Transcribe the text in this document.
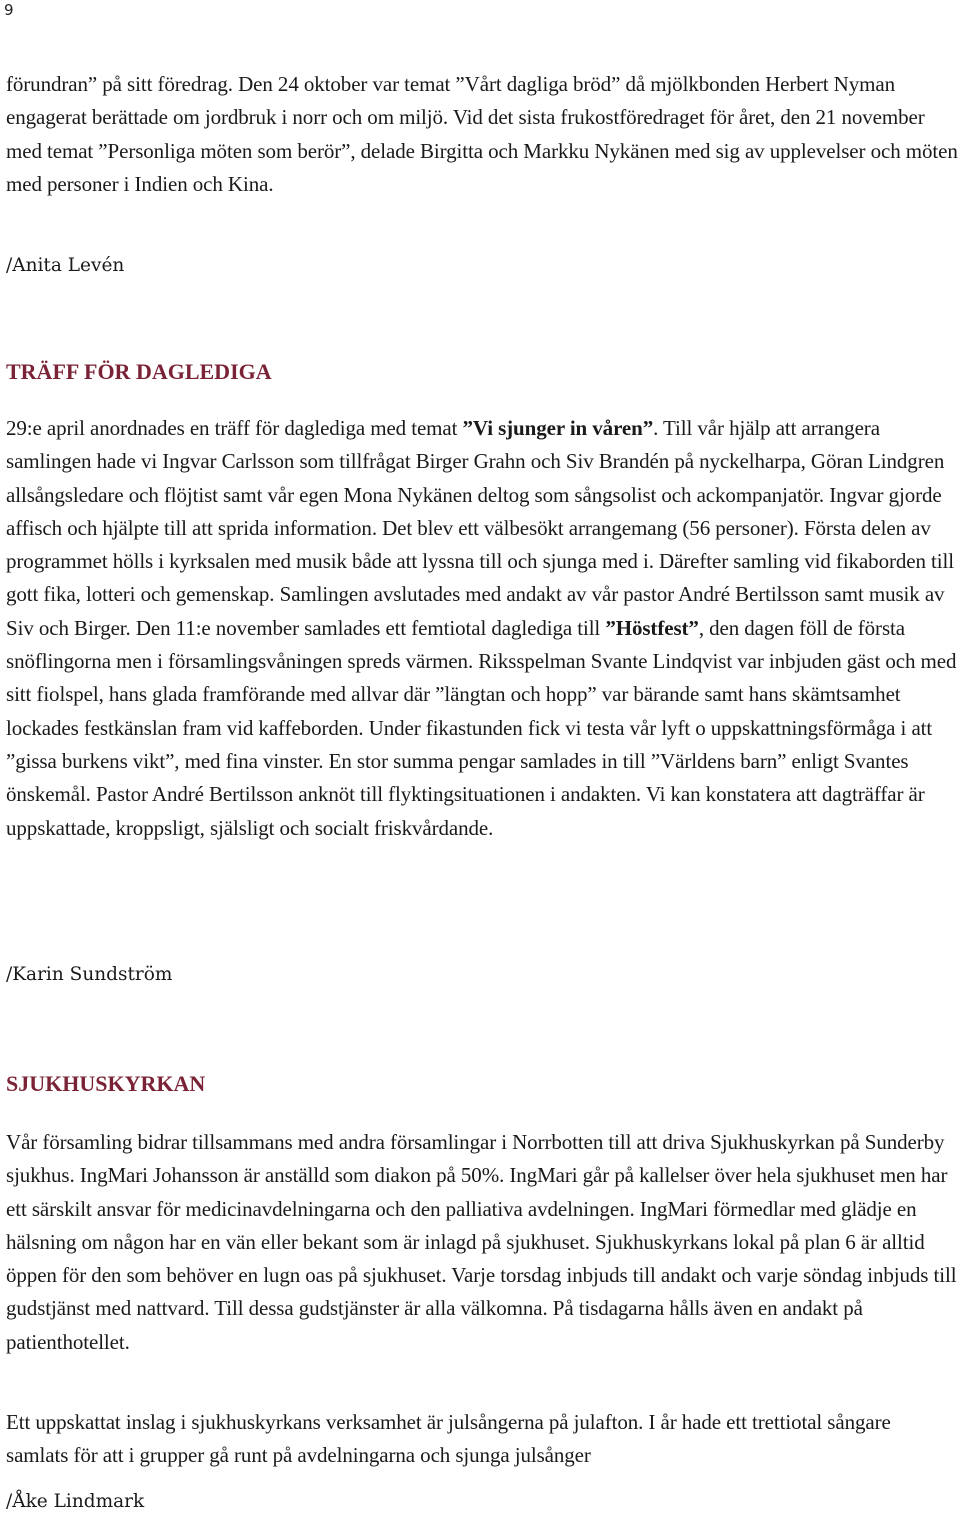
9

förundran” på sitt föredrag. Den 24 oktober var temat ”Vårt dagliga bröd” då mjölkbonden Herbert Nyman engagerat berättade om jordbruk i norr och om miljö. Vid det sista frukostföredraget för året, den 21 november med temat ”Personliga möten som berör”, delade Birgitta och Markku Nykänen med sig av upplevelser och möten med personer i Indien och Kina.

/Anita Levén
TRÄFF FÖR DAGLEDIGA

29:e april anordnades en träff för dagledigа med temat ”Vi sjunger in våren”. Till vår hjälp att arrangera samlingen hade vi Ingvar Carlsson som tillfrågat Birger Grahn och Siv Brandén på nyckelharpa, Göran Lindgren allsångsledare och flöjtist samt vår egen Mona Nykänen deltog som sångsolist och ackompanjatör. Ingvar gjorde affisch och hjälpte till att sprida information. Det blev ett välbesökt arrangemang (56 personer). Första delen av programmet hölls i kyrksalen med musik både att lyssna till och sjunga med i. Därefter samling vid fikaborden till gott fika, lotteri och gemenskap. Samlingen avslutades med andakt av vår pastor André Bertilsson samt musik av Siv och Birger. Den 11:e november samlades ett femtiotal dagledigа till ”Höstfest”, den dagen föll de första snöflingorna men i församlingsvåningen spreds värmen. Riksspelman Svante Lindqvist var inbjuden gäst och med sitt fiolspel, hans glada framförande med allvar där ”längtan och hopp” var bärande samt hans skämtsamhet lockades festkänslan fram vid kaffeborden. Under fikastunden fick vi testa vår lyft o uppskattningsförmåga i att ”gissa burkens vikt”, med fina vinster. En stor summa pengar samlades in till ”Världens barn” enligt Svantes önskemål. Pastor André Bertilsson anknöt till flyktingsituationen i andakten. Vi kan konstatera att dagträffar är uppskattade, kroppsligt, själsligt och socialt friskvårdande.

/Karin Sundström
SJUKHUSKYRKAN

Vår församling bidrar tillsammans med andra församlingar i Norrbotten till att driva Sjukhuskyrkan på Sunderby sjukhus. IngMari Johansson är anställd som diakon på 50%. IngMari går på kallelser över hela sjukhuset men har ett särskilt ansvar för medicinavdelningarna och den palliativa avdelningen. IngMari förmedlar med glädje en hälsning om någon har en vän eller bekant som är inlagd på sjukhuset. Sjukhuskyrkans lokal på plan 6 är alltid öppen för den som behöver en lugn oas på sjukhuset. Varje torsdag inbjuds till andakt och varje söndag inbjuds till gudstjänst med nattvard. Till dessa gudstjänster är alla välkomna. På tisdagarna hålls även en andakt på patienthotellet.

Ett uppskattat inslag i sjukhuskyrkans verksamhet är julsångerna på julafton. I år hade ett trettiotal sångare samlats för att i grupper gå runt på avdelningarna och sjunga julsånger

/Åke Lindmark
